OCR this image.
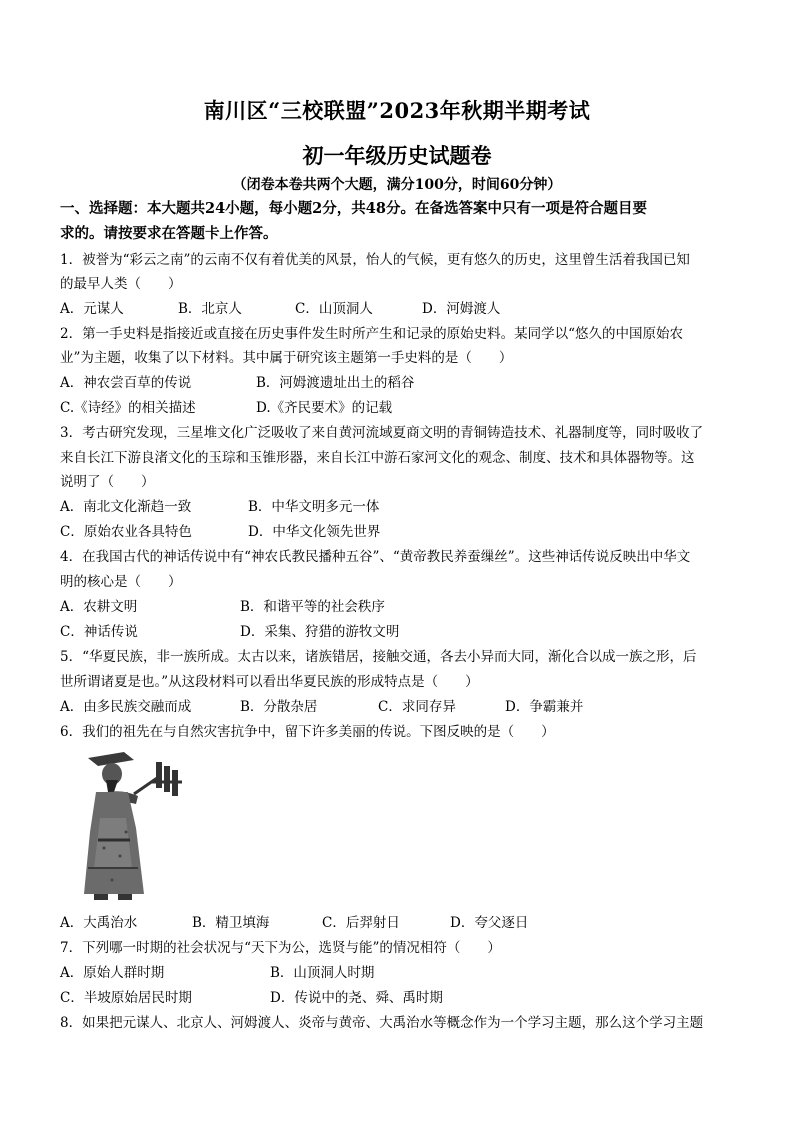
南川区“三校联盟”2023年秋期半期考试
初一年级历史试题卷
（闭卷本卷共两个大题，满分100分，时间60分钟）
一、选择题：本大题共24小题，每小题2分，共48分。在备选答案中只有一项是符合题目要
求的。请按要求在答题卡上作答。
1．被誉为“彩云之南”的云南不仅有着优美的风景，怡人的气候，更有悠久的历史，这里曾生活着我国已知
的最早人类（　　）
A．元谋人	B．北京人	C．山顶洞人	D．河姆渡人
2．第一手史料是指接近或直接在历史事件发生时所产生和记录的原始史料。某同学以“悠久的中国原始农
业”为主题，收集了以下材料。其中属于研究该主题第一手史料的是（　　）
A．神农尝百草的传说	B．河姆渡遗址出土的稻谷
C.《诗经》的相关描述	D.《齐民要术》的记载
3．考古研究发现，三星堆文化广泛吸收了来自黄河流域夏商文明的青铜铸造技术、礼器制度等，同时吸收了
来自长江下游良渚文化的玉琮和玉锥形器，来自长江中游石家河文化的观念、制度、技术和具体器物等。这
说明了（　　）
A．南北文化渐趋一致	B．中华文明多元一体
C．原始农业各具特色	D．中华文化领先世界
4．在我国古代的神话传说中有“神农氏教民播种五谷”、“黄帝教民养蚕缫丝”。这些神话传说反映出中华文
明的核心是（　　）
A．农耕文明	B．和谐平等的社会秩序
C．神话传说	D．采集、狩猎的游牧文明
5．“华夏民族，非一族所成。太古以来，诸族错居，接触交通，各去小异而大同，渐化合以成一族之形，后
世所谓诸夏是也。”从这段材料可以看出华夏民族的形成特点是（　　）
A．由多民族交融而成	B．分散杂居	C．求同存异	D．争霸兼并
6．我们的祖先在与自然灾害抗争中，留下许多美丽的传说。下图反映的是（　　）
A．大禹治水	B．精卫填海	C．后羿射日	D．夸父逐日
7．下列哪一时期的社会状况与“天下为公，选贤与能”的情况相符（　　）
A．原始人群时期	B．山顶洞人时期
C．半坡原始居民时期	D．传说中的尧、舜、禹时期
8．如果把元谋人、北京人、河姆渡人、炎帝与黄帝、大禹治水等概念作为一个学习主题，那么这个学习主题
